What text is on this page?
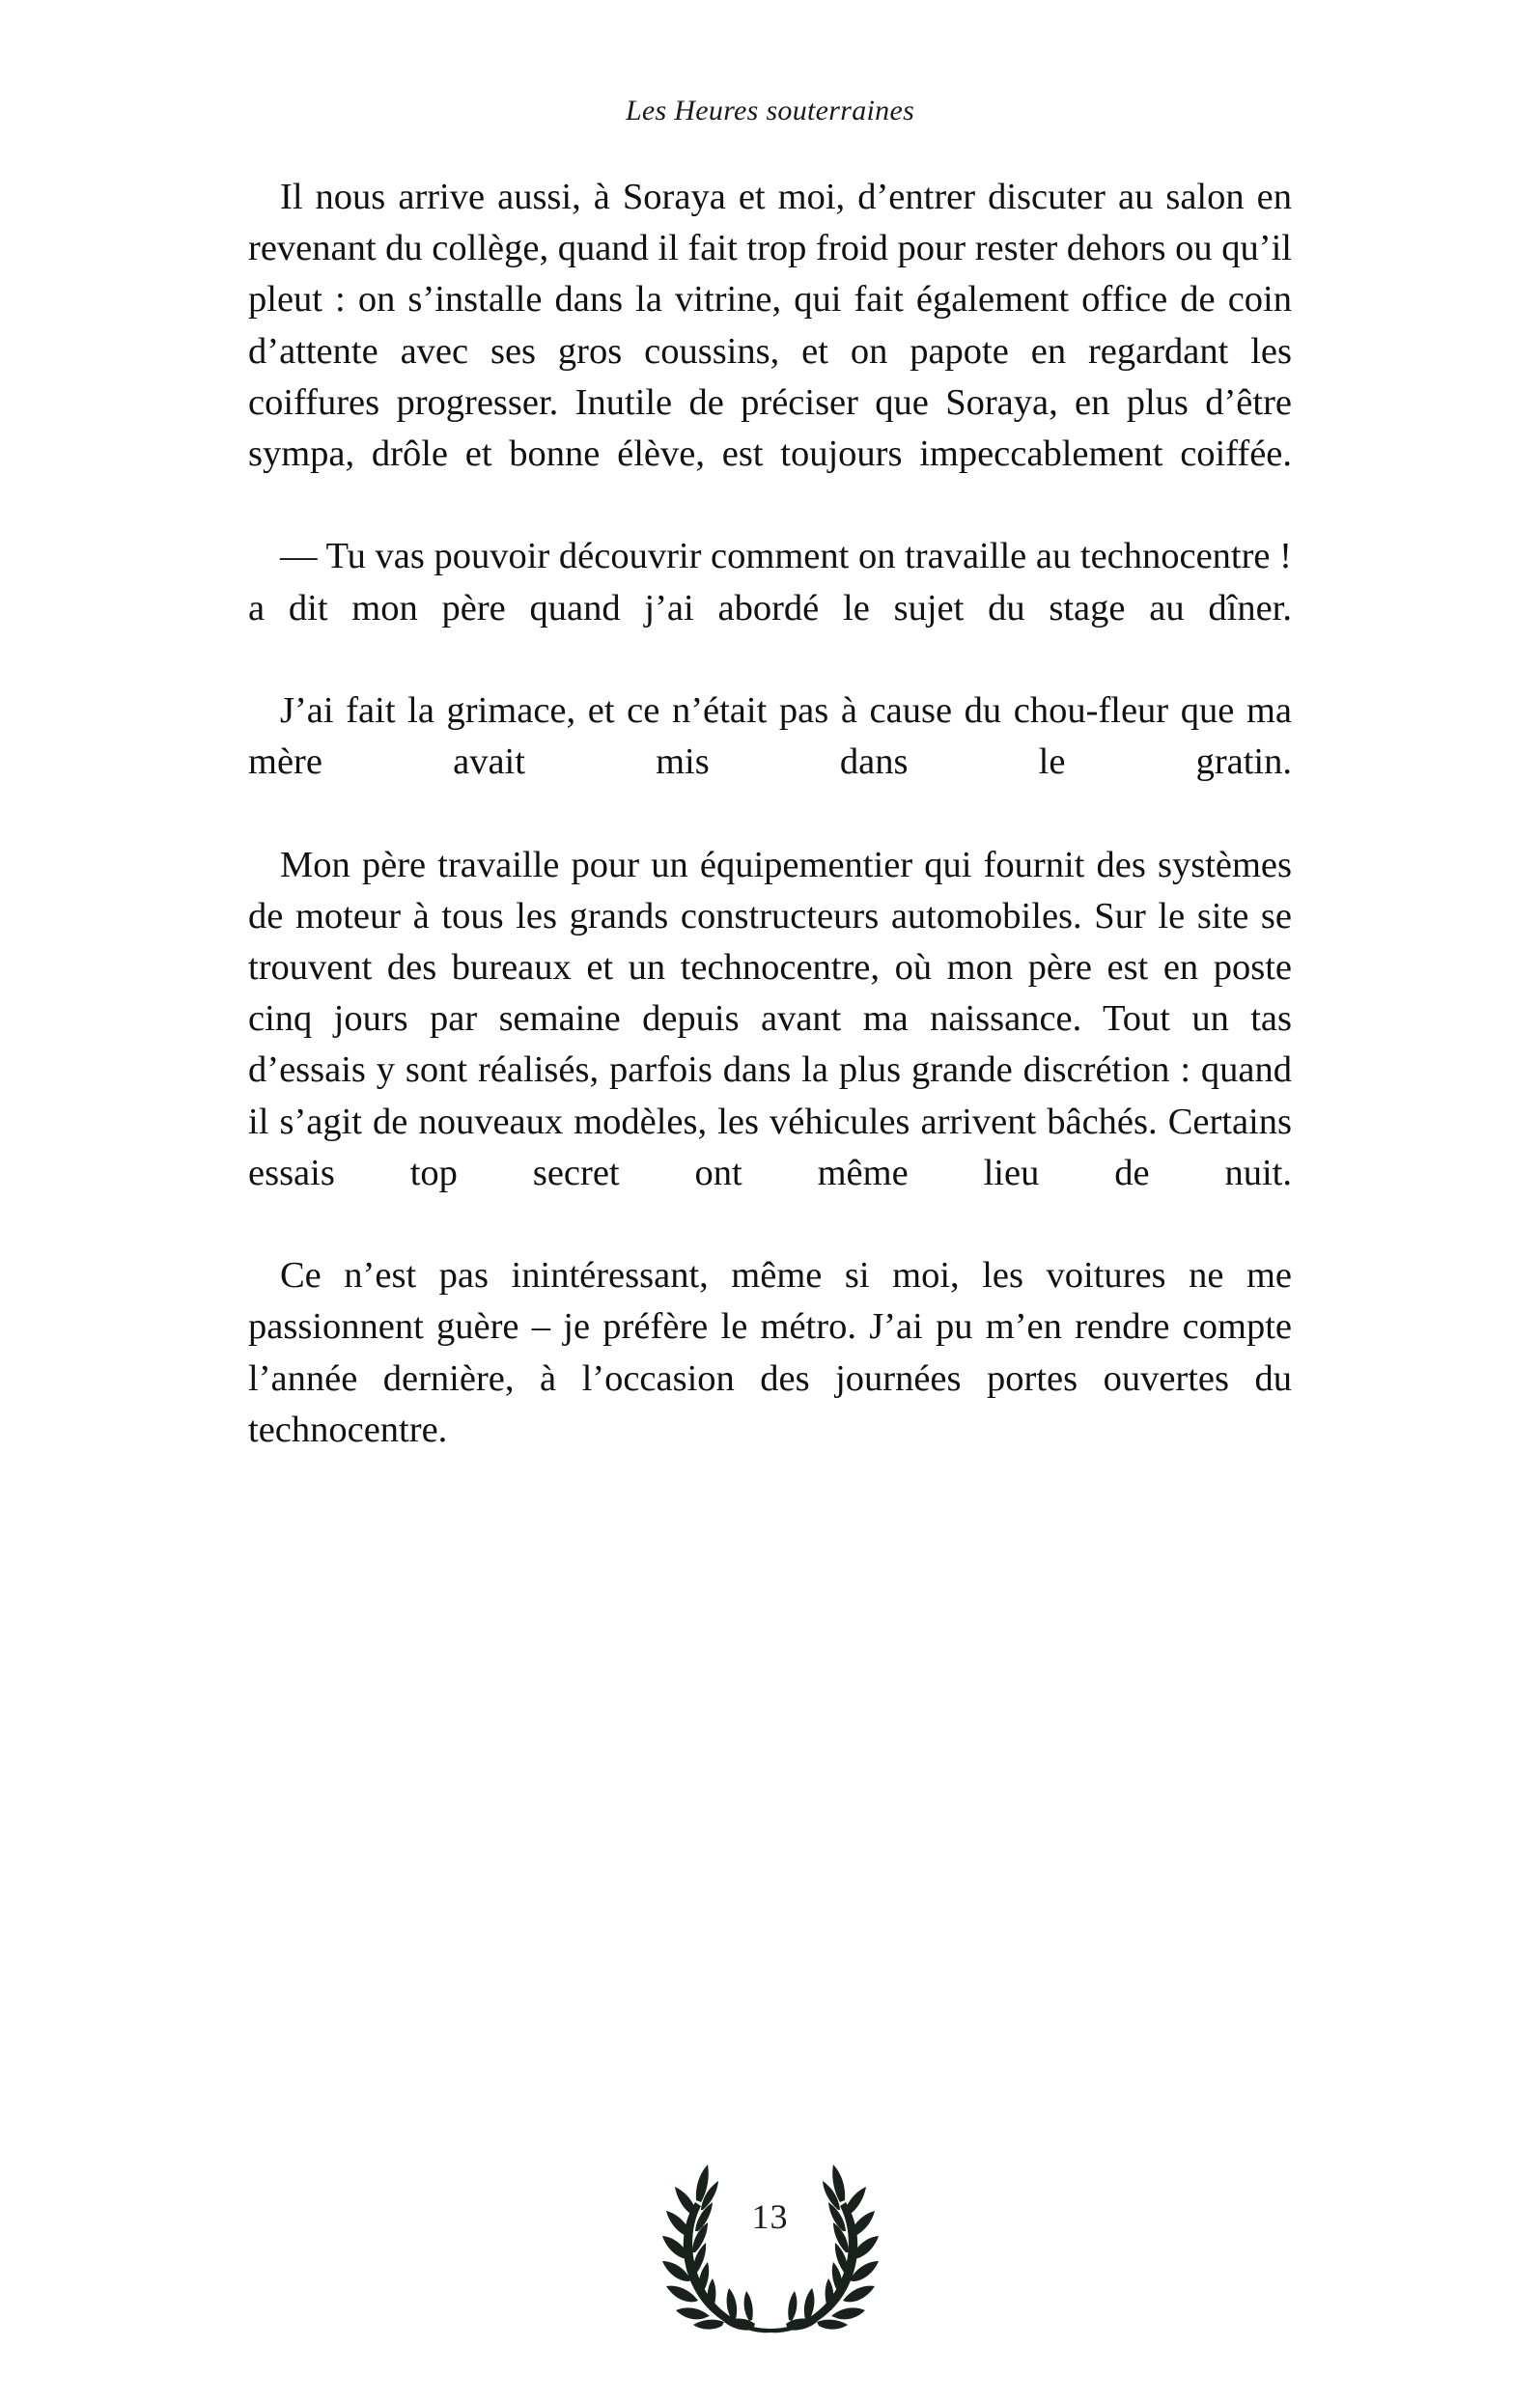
Les Heures souterraines

Il nous arrive aussi, à Soraya et moi, d’entrer discuter au salon en revenant du collège, quand il fait trop froid pour rester dehors ou qu’il pleut : on s’installe dans la vitrine, qui fait également office de coin d’attente avec ses gros coussins, et on papote en regardant les coiffures progresser. Inutile de préciser que Soraya, en plus d’être sympa, drôle et bonne élève, est toujours impeccablement coiffée.

— Tu vas pouvoir découvrir comment on travaille au technocentre ! a dit mon père quand j’ai abordé le sujet du stage au dîner.

J’ai fait la grimace, et ce n’était pas à cause du chou-fleur que ma mère avait mis dans le gratin.

Mon père travaille pour un équipementier qui fournit des systèmes de moteur à tous les grands constructeurs automobiles. Sur le site se trouvent des bureaux et un technocentre, où mon père est en poste cinq jours par semaine depuis avant ma naissance. Tout un tas d’essais y sont réalisés, parfois dans la plus grande discrétion : quand il s’agit de nouveaux modèles, les véhicules arrivent bâchés. Certains essais top secret ont même lieu de nuit.

Ce n’est pas inintéressant, même si moi, les voitures ne me passionnent guère – je préfère le métro. J’ai pu m’en rendre compte l’année dernière, à l’occasion des journées portes ouvertes du technocentre.

13
